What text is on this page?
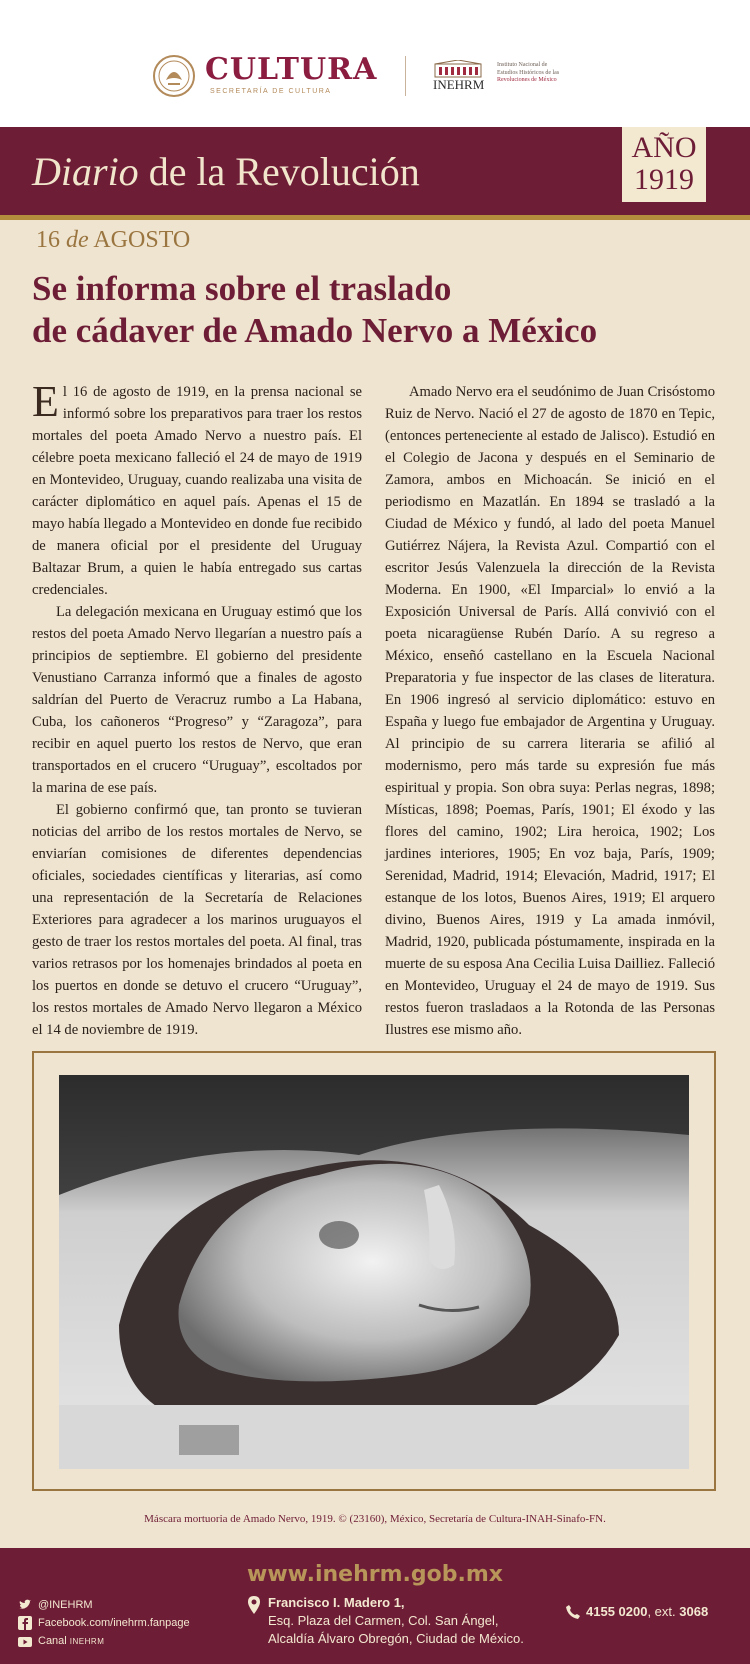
CULTURA
SECRETARÍA DE CULTURA	INEHRM
Instituto Nacional de
Estudios Históricos de las
Revoluciones de México
Diario de la Revolución
AÑO
1919
16 de AGOSTO
Se informa sobre el traslado
de cádaver de Amado Nervo a México

El 16 de agosto de 1919, en la prensa nacional se informó sobre los preparativos para traer los restos mortales del poeta Amado Nervo a nuestro país. El célebre poeta mexicano falleció el 24 de mayo de 1919 en Montevideo, Uruguay, cuando realizaba una visita de carácter diplomático en aquel país. Apenas el 15 de mayo había llegado a Montevideo en donde fue recibido de manera oficial por el presidente del Uruguay Baltazar Brum, a quien le había entregado sus cartas credenciales.

La delegación mexicana en Uruguay estimó que los restos del poeta Amado Nervo llegarían a nuestro país a principios de septiembre. El gobierno del presidente Venustiano Carranza informó que a finales de agosto saldrían del Puerto de Veracruz rumbo a La Habana, Cuba, los cañoneros “Progreso” y “Zaragoza”, para recibir en aquel puerto los restos de Nervo, que eran transportados en el crucero “Uruguay”, escoltados por la marina de ese país.

El gobierno confirmó que, tan pronto se tuvieran noticias del arribo de los restos mortales de Nervo, se enviarían comisiones de diferentes dependencias oficiales, sociedades científicas y literarias, así como una representación de la Secretaría de Relaciones Exteriores para agradecer a los marinos uruguayos el gesto de traer los restos mortales del poeta. Al final, tras varios retrasos por los homenajes brindados al poeta en los puertos en donde se detuvo el crucero “Uruguay”, los restos mortales de Amado Nervo llegaron a México el 14 de noviembre de 1919.

Amado Nervo era el seudónimo de Juan Crisóstomo Ruiz de Nervo. Nació el 27 de agosto de 1870 en Tepic, (entonces perteneciente al estado de Jalisco). Estudió en el Colegio de Jacona y después en el Seminario de Zamora, ambos en Michoacán. Se inició en el periodismo en Mazatlán. En 1894 se trasladó a la Ciudad de México y fundó, al lado del poeta Manuel Gutiérrez Nájera, la Revista Azul. Compartió con el escritor Jesús Valenzuela la dirección de la Revista Moderna. En 1900, «El Imparcial» lo envió a la Exposición Universal de París. Allá convivió con el poeta nicaragüense Rubén Darío. A su regreso a México, enseñó castellano en la Escuela Nacional Preparatoria y fue inspector de las clases de literatura. En 1906 ingresó al servicio diplomático: estuvo en España y luego fue embajador de Argentina y Uruguay. Al principio de su carrera literaria se afilió al modernismo, pero más tarde su expresión fue más espiritual y propia. Son obra suya: Perlas negras, 1898; Místicas, 1898; Poemas, París, 1901; El éxodo y las flores del camino, 1902; Lira heroica, 1902; Los jardines interiores, 1905; En voz baja, París, 1909; Serenidad, Madrid, 1914; Elevación, Madrid, 1917; El estanque de los lotos, Buenos Aires, 1919; El arquero divino, Buenos Aires, 1919 y La amada inmóvil, Madrid, 1920, publicada póstumamente, inspirada en la muerte de su esposa Ana Cecilia Luisa Dailliez. Falleció en Montevideo, Uruguay el 24 de mayo de 1919. Sus restos fueron trasladaos a la Rotonda de las Personas Ilustres ese mismo año.

Máscara mortuoria de Amado Nervo, 1919. © (23160), México, Secretaría de Cultura-INAH-Sinafo-FN.
www.inehrm.gob.mx
@INEHRM
Facebook.com/inehrm.fanpage
Canal INEHRM
Francisco I. Madero 1,
Esq. Plaza del Carmen, Col. San Ángel,
Alcaldía Álvaro Obregón, Ciudad de México.
4155 0200, ext. 3068
